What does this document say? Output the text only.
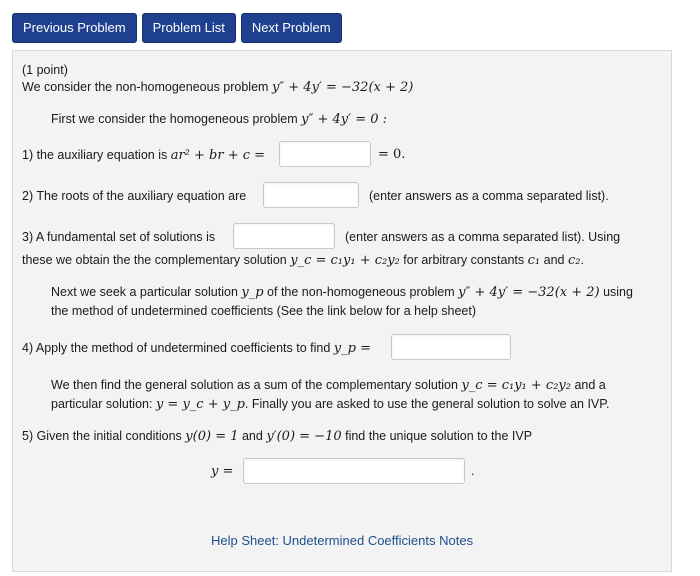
Previous Problem	Problem List	Next Problem
(1 point)
We consider the non-homogeneous problem y″ + 4y′ = −32(x + 2)
First we consider the homogeneous problem y″ + 4y′ = 0 :
1) the auxiliary equation is ar² + br + c =	= 0.
2) The roots of the auxiliary equation are	(enter answers as a comma separated list).
3) A fundamental set of solutions is	(enter answers as a comma separated list). Using
these we obtain the the complementary solution y_c = c₁y₁ + c₂y₂ for arbitrary constants c₁ and c₂.
Next we seek a particular solution y_p of the non-homogeneous problem y″ + 4y′ = −32(x + 2) using
the method of undetermined coefficients (See the link below for a help sheet)
4) Apply the method of undetermined coefficients to find y_p =
We then find the general solution as a sum of the complementary solution y_c = c₁y₁ + c₂y₂ and a
particular solution: y = y_c + y_p. Finally you are asked to use the general solution to solve an IVP.
5) Given the initial conditions y(0) = 1 and y′(0) = −10 find the unique solution to the IVP
y =	.
Help Sheet: Undetermined Coefficients Notes
